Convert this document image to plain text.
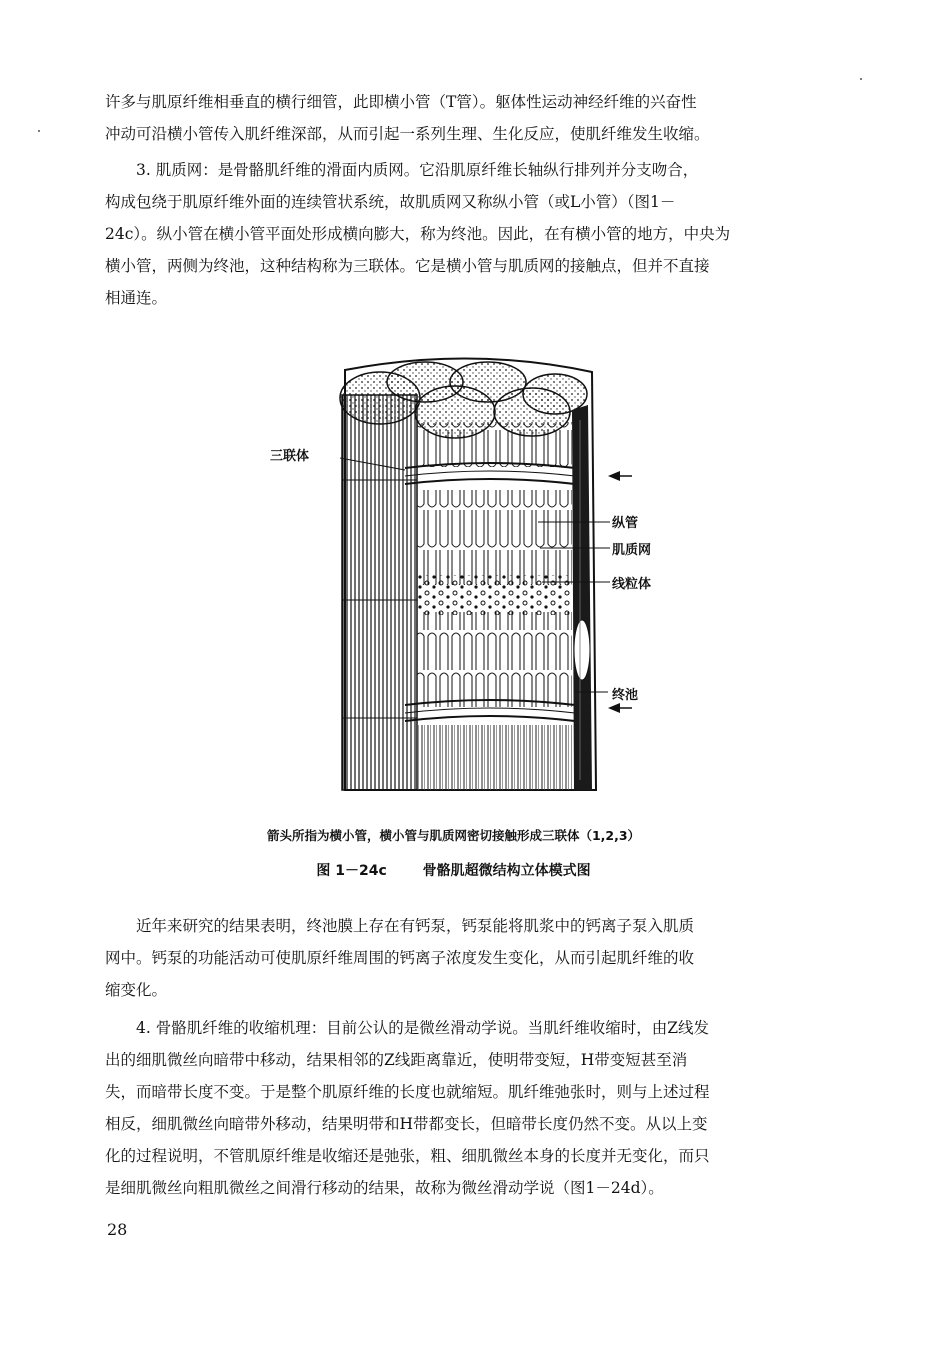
许多与肌原纤维相垂直的横行细管，此即横小管（T管）。躯体性运动神经纤维的兴奋性
冲动可沿横小管传入肌纤维深部，从而引起一系列生理、生化反应，使肌纤维发生收缩。

3. 肌质网：是骨骼肌纤维的滑面内质网。它沿肌原纤维长轴纵行排列并分支吻合，
构成包绕于肌原纤维外面的连续管状系统，故肌质网又称纵小管（或L小管）（图1－
24c）。纵小管在横小管平面处形成横向膨大，称为终池。因此，在有横小管的地方，中央为
横小管，两侧为终池，这种结构称为三联体。它是横小管与肌质网的接触点，但并不直接
相通连。

三联体
纵管
肌质网
线粒体
终池

箭头所指为横小管，横小管与肌质网密切接触形成三联体（1,2,3）

图 1－24c	骨骼肌超微结构立体模式图

近年来研究的结果表明，终池膜上存在有钙泵，钙泵能将肌浆中的钙离子泵入肌质
网中。钙泵的功能活动可使肌原纤维周围的钙离子浓度发生变化，从而引起肌纤维的收
缩变化。

4. 骨骼肌纤维的收缩机理：目前公认的是微丝滑动学说。当肌纤维收缩时，由Z线发
出的细肌微丝向暗带中移动，结果相邻的Z线距离靠近，使明带变短，H带变短甚至消
失，而暗带长度不变。于是整个肌原纤维的长度也就缩短。肌纤维弛张时，则与上述过程
相反，细肌微丝向暗带外移动，结果明带和H带都变长，但暗带长度仍然不变。从以上变
化的过程说明，不管肌原纤维是收缩还是弛张，粗、细肌微丝本身的长度并无变化，而只
是细肌微丝向粗肌微丝之间滑行移动的结果，故称为微丝滑动学说（图1－24d）。

28
